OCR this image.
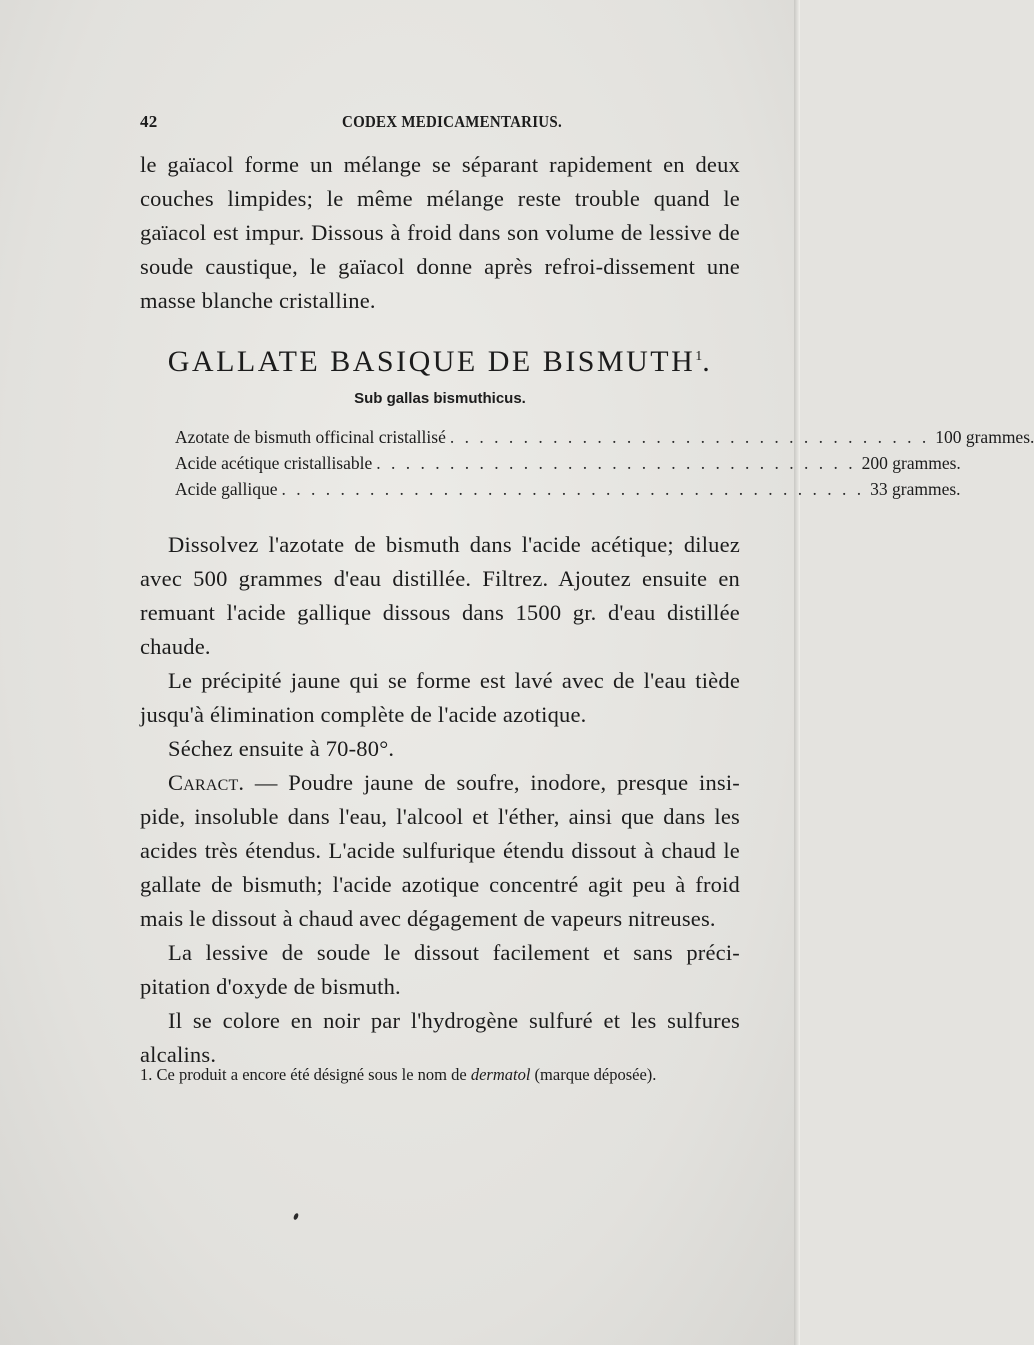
42	CODEX MEDICAMENTARIUS.

le gaïacol forme un mélange se séparant rapidement en deux couches limpides; le même mélange reste trouble quand le gaïacol est impur. Dissous à froid dans son volume de lessive de soude caustique, le gaïacol donne après refroi-dissement une masse blanche cristalline.

GALLATE BASIQUE DE BISMUTH$^1$.
Sub gallas bismuthicus.
Azotate de bismuth officinal cristallisé . . . . . . . . . . . . . . . . . . . . . . . . . . . . . . . . . 100 grammes.
Acide acétique cristallisable . . . . . . . . . . . . . . . . . . . . . . . . . . . . . . . . . 200 grammes.
Acide gallique . . . . . . . . . . . . . . . . . . . . . . . . . . . . . . . . . . . . . . . . 33 grammes.

Dissolvez l'azotate de bismuth dans l'acide acétique; diluez avec 500 grammes d'eau distillée. Filtrez. Ajoutez ensuite en remuant l'acide gallique dissous dans 1500 gr. d'eau distillée chaude.

Le précipité jaune qui se forme est lavé avec de l'eau tiède jusqu'à élimination complète de l'acide azotique.

Séchez ensuite à 70-80°.

Caract. — Poudre jaune de soufre, inodore, presque insi-pide, insoluble dans l'eau, l'alcool et l'éther, ainsi que dans les acides très étendus. L'acide sulfurique étendu dissout à chaud le gallate de bismuth; l'acide azotique concentré agit peu à froid mais le dissout à chaud avec dégagement de vapeurs nitreuses.

La lessive de soude le dissout facilement et sans préci-pitation d'oxyde de bismuth.

Il se colore en noir par l'hydrogène sulfuré et les sulfures alcalins.

1. Ce produit a encore été désigné sous le nom de dermatol (marque déposée).
